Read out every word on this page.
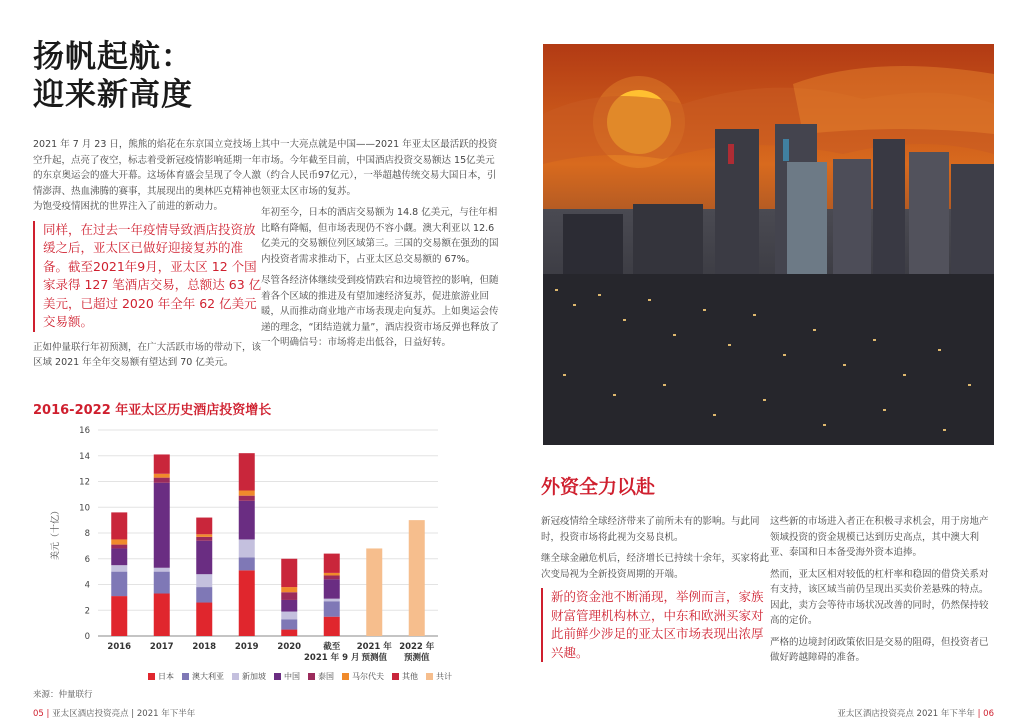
扬帆起航：
迎来新高度

2021 年 7 月 23 日，熊熊的焰花在东京国立竞技场上空升起，点亮了夜空，标志着受新冠疫情影响延期一年的东京奥运会的盛大开幕。这场体育盛会呈现了令人激情澎湃、热血沸腾的赛事，其展现出的奥林匹克精神也为饱受疫情困扰的世界注入了前进的新动力。

同样，在过去一年疫情导致酒店投资放缓之后，亚太区已做好迎接复苏的准备。截至2021年9月，亚太区 12 个国家录得 127 笔酒店交易，总额达 63 亿美元，已超过 2020 年全年 62 亿美元交易额。

正如仲量联行年初预测，在广大活跃市场的带动下，该区域 2021 年全年交易额有望达到 70 亿美元。

其中一大亮点就是中国——2021 年亚太区最活跃的投资市场。今年截至目前，中国酒店投资交易额达 15亿美元（约合人民币97亿元），一举超越传统交易大国日本，引领亚太区市场的复苏。

年初至今，日本的酒店交易额为 14.8 亿美元，与往年相比略有降幅，但市场表现仍不容小觑。澳大利亚以 12.6 亿美元的交易额位列区域第三。三国的交易额在强劲的国内投资者需求推动下，占亚太区总交易额的 67%。

尽管各经济体继续受到疫情跌宕和边境管控的影响，但随着各个区域的推进及有望加速经济复苏，促进旅游业回暖，从而推动商业地产市场表现走向复苏。上如奥运会传递的理念，“团结造就力量”，酒店投资市场反弹也释放了一个明确信号：市场将走出低谷，日益好转。

2016-2022 年亚太区历史酒店投资增长
0
2
4
6
8
10
12
14
16
美元（十亿）
2016 2017 2018 2019 2020	截至
2021 年 9 月
2021 年
预测值
2022 年
预测值
日本	澳大利亚	新加坡	中国	泰国	马尔代夫	其他	共计
来源：仲量联行
外资全力以赴

新冠疫情给全球经济带来了前所未有的影响。与此同时，投资市场将此视为交易良机。

继全球金融危机后，经济增长已持续十余年，买家将此次变局视为全新投资周期的开端。

新的资金池不断涌现，举例而言，家族财富管理机构林立，中东和欧洲买家对此前鲜少涉足的亚太区市场表现出浓厚兴趣。

这些新的市场进入者正在积极寻求机会，用于房地产领域投资的资金规模已达到历史高点，其中澳大利亚、泰国和日本备受海外资本追捧。

然而，亚太区相对较低的杠杆率和稳固的借贷关系对有支持，该区域当前仍呈现出买卖价差悬殊的特点。因此，卖方会等待市场状况改善的同时，仍然保持较高的定价。

严格的边境封闭政策依旧是交易的阻碍，但投资者已做好跨越障碍的准备。

05 | 亚太区酒店投资亮点 | 2021 年下半年	亚太区酒店投资亮点 2021 年下半年 | 06
